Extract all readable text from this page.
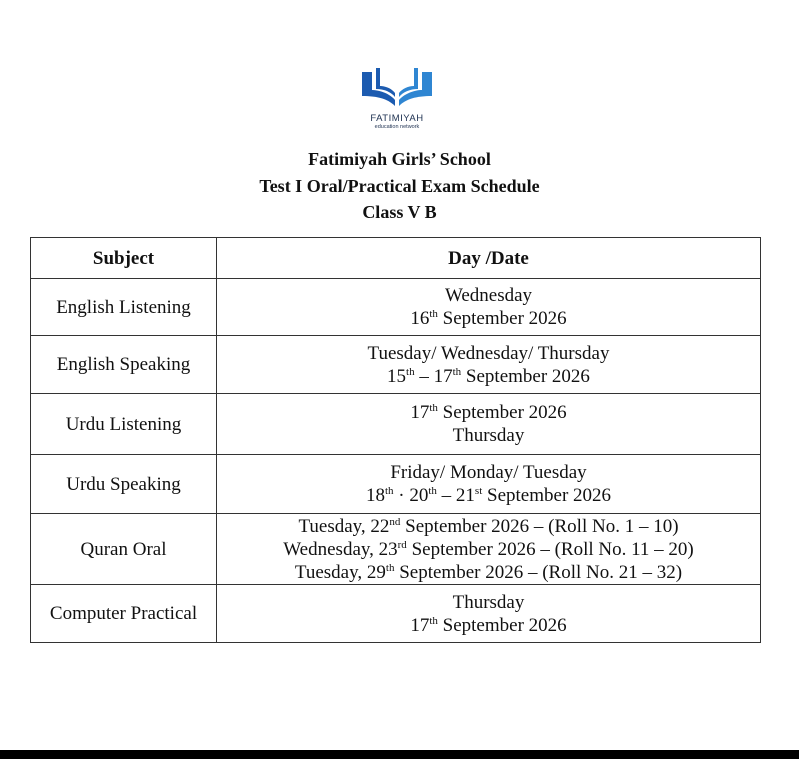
FATIMIYAH
education network
Fatimiyah Girls’ School
Test I Oral/Practical Exam Schedule
Class V B
Subject	Day /Date
English Listening	Wednesday
16th September 2026

English Speaking	Tuesday/ Wednesday/ Thursday
15th – 17th September 2026

Urdu Listening	17th September 2026
Thursday

Urdu Speaking	Friday/ Monday/ Tuesday
18th · 20th – 21st September 2026

Quran Oral	Tuesday, 22nd September 2026 – (Roll No. 1 – 10)
Wednesday, 23rd September 2026 – (Roll No. 11 – 20)
Tuesday, 29th September 2026 – (Roll No. 21 – 32)

Computer Practical	Thursday
17th September 2026
